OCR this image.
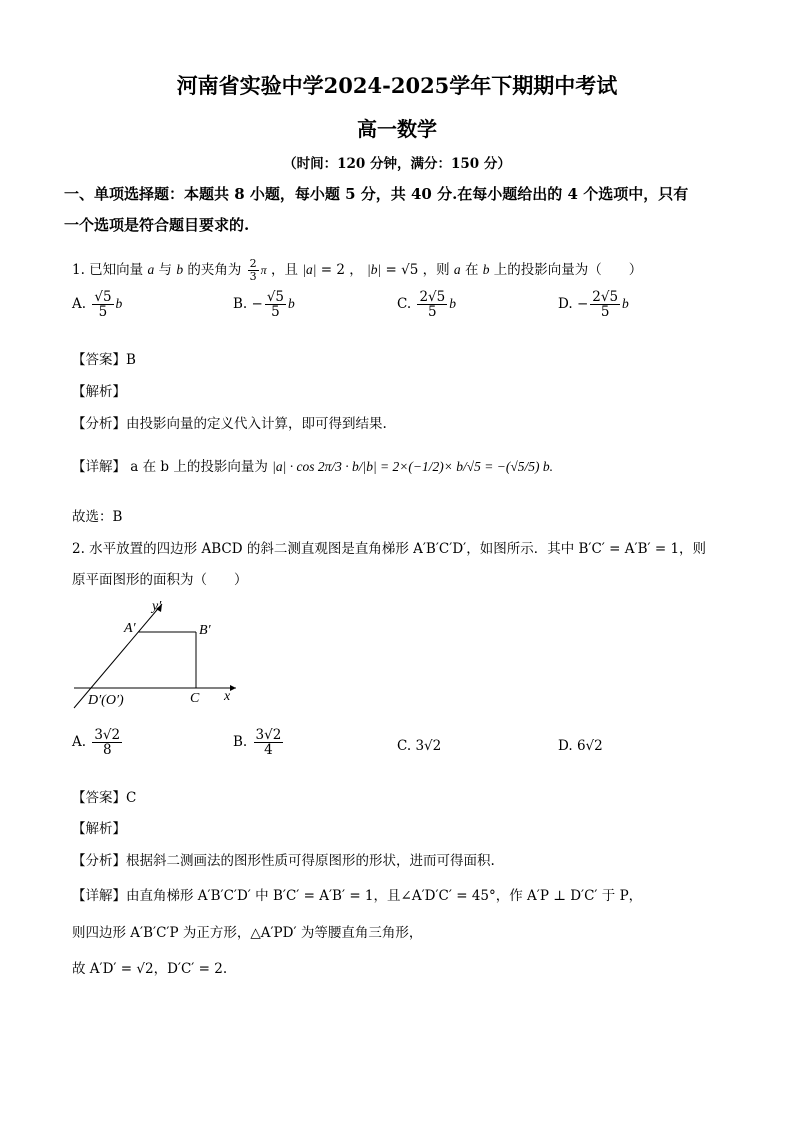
河南省实验中学2024-2025学年下期期中考试
高一数学
（时间：120 分钟，满分：150 分）
一、单项选择题：本题共 8 小题，每小题 5 分，共 40 分.在每小题给出的 4 个选项中，只有
一个选项是符合题目要求的.
1. 已知向量 a 与 b 的夹角为 $\frac{2}{3}$ π ，且 |a| = 2 ， |b| = √5 ，则 a 在 b 上的投影向量为（　　）
A. $\frac{√5}{5}$ b	B. − $\frac{√5}{5}$ b	C. $\frac{2√5}{5}$ b	D. − $\frac{2√5}{5}$ b
【答案】B
【解析】
【分析】由投影向量的定义代入计算，即可得到结果.
【详解】 a 在 b 上的投影向量为 |a| · cos 2π/3 · b/|b| = 2×(−1/2)× b/√5 = −(√5/5) b.
故选：B
2. 水平放置的四边形 ABCD 的斜二测直观图是直角梯形 A′B′C′D′，如图所示．其中 B′C′ = A′B′ = 1，则
原平面图形的面积为（　　）
y′
A′	B′
D′(O′)	C x
A. $\frac{3√2}{8}$	B. $\frac{3√2}{4}$	C. 3√2	D. 6√2
【答案】C
【解析】
【分析】根据斜二测画法的图形性质可得原图形的形状，进而可得面积.
【详解】由直角梯形 A′B′C′D′ 中 B′C′ = A′B′ = 1，且∠A′D′C′ = 45°，作 A′P ⊥ D′C′ 于 P，
则四边形 A′B′C′P 为正方形，△A′PD′ 为等腰直角三角形，
故 A′D′ = √2，D′C′ = 2.
